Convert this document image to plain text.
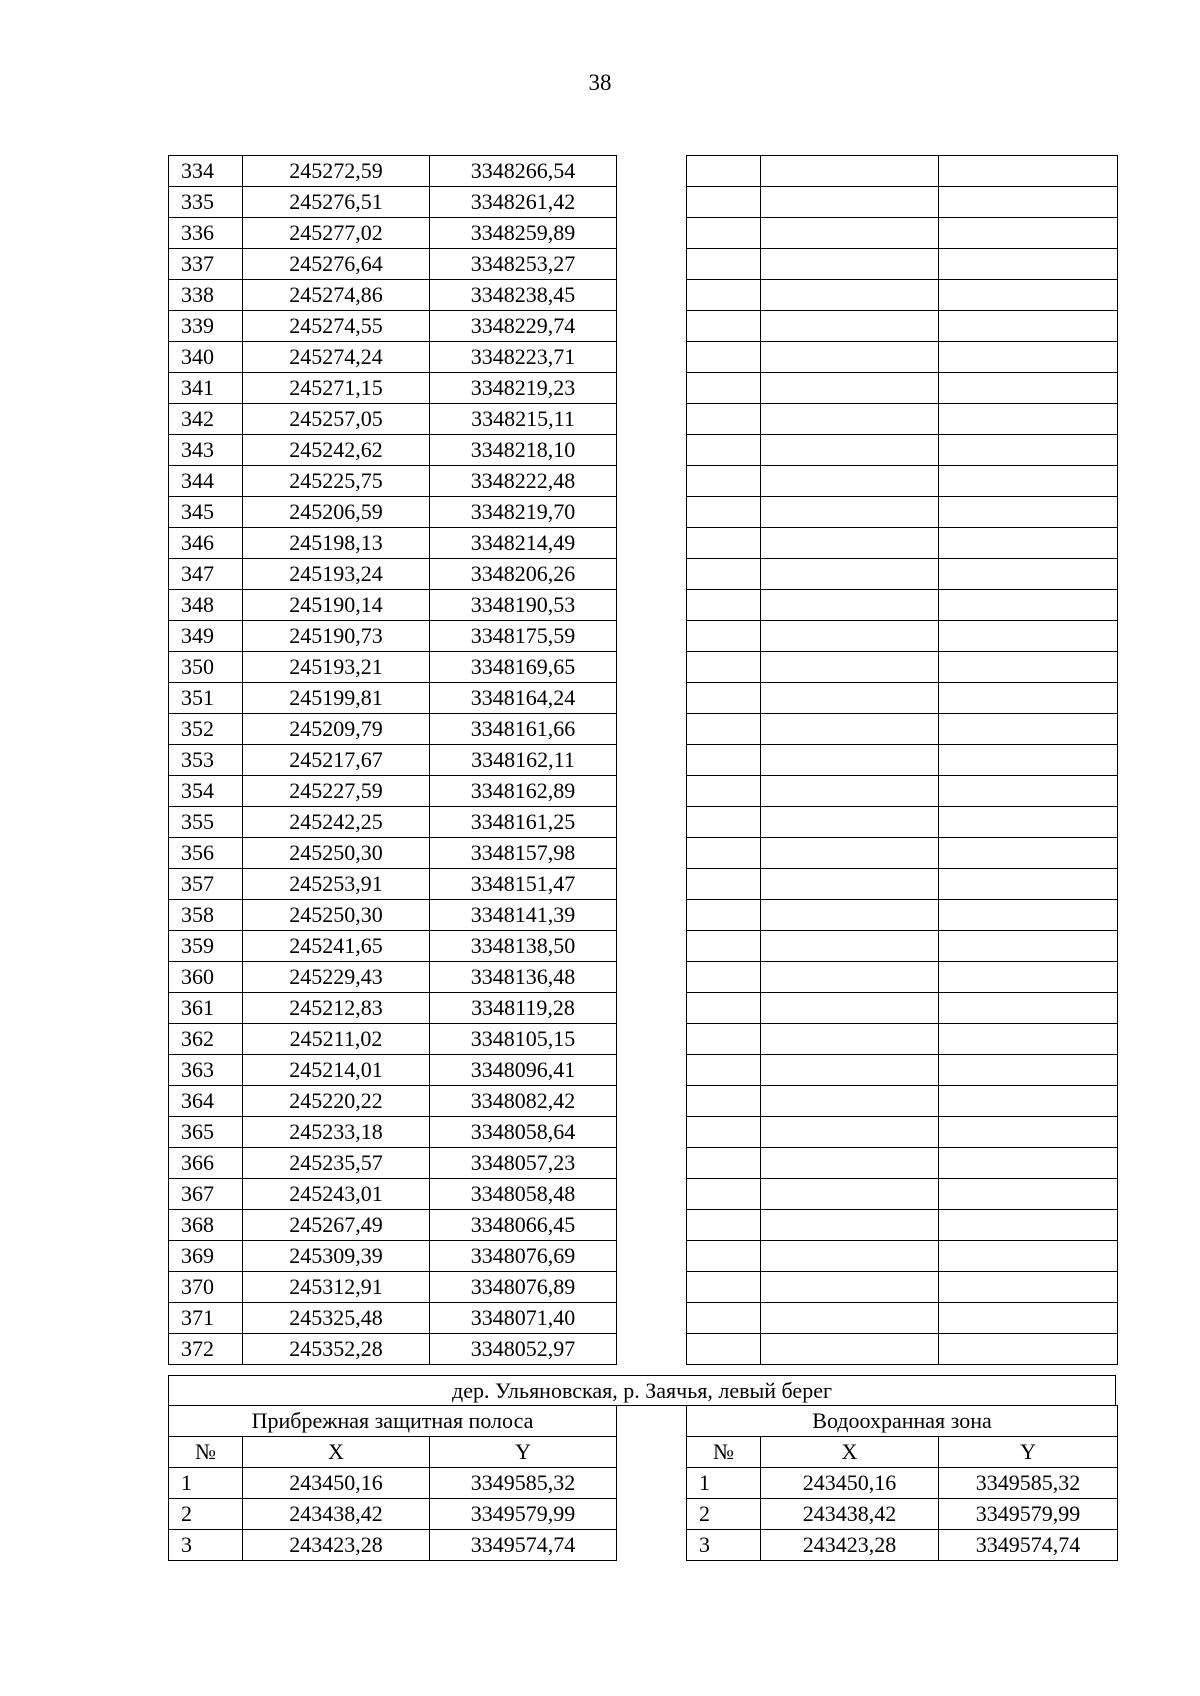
38
334	245272,59	3348266,54
335	245276,51	3348261,42
336	245277,02	3348259,89
337	245276,64	3348253,27
338	245274,86	3348238,45
339	245274,55	3348229,74
340	245274,24	3348223,71
341	245271,15	3348219,23
342	245257,05	3348215,11
343	245242,62	3348218,10
344	245225,75	3348222,48
345	245206,59	3348219,70
346	245198,13	3348214,49
347	245193,24	3348206,26
348	245190,14	3348190,53
349	245190,73	3348175,59
350	245193,21	3348169,65
351	245199,81	3348164,24
352	245209,79	3348161,66
353	245217,67	3348162,11
354	245227,59	3348162,89
355	245242,25	3348161,25
356	245250,30	3348157,98
357	245253,91	3348151,47
358	245250,30	3348141,39
359	245241,65	3348138,50
360	245229,43	3348136,48
361	245212,83	3348119,28
362	245211,02	3348105,15
363	245214,01	3348096,41
364	245220,22	3348082,42
365	245233,18	3348058,64
366	245235,57	3348057,23
367	245243,01	3348058,48
368	245267,49	3348066,45
369	245309,39	3348076,69
370	245312,91	3348076,89
371	245325,48	3348071,40
372	245352,28	3348052,97

дер. Ульяновская, р. Заячья, левый берег
Прибрежная защитная полоса		
№	X	Y
1	243450,16	3349585,32
2	243438,42	3349579,99
3	243423,28	3349574,74
Водоохранная зона		
№	X	Y
1	243450,16	3349585,32
2	243438,42	3349579,99
3	243423,28	3349574,74
